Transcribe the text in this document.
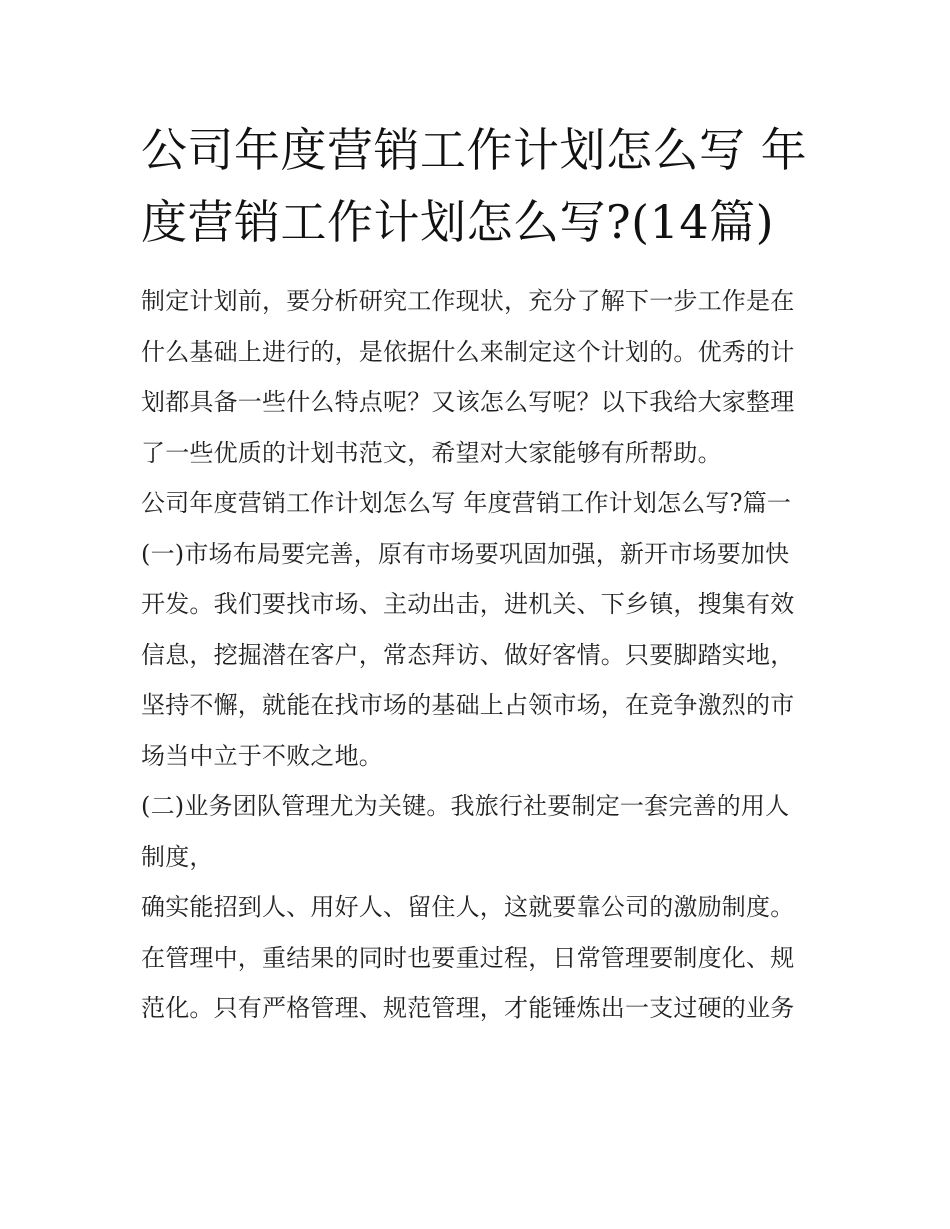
公司年度营销工作计划怎么写 年度营销工作计划怎么写?(14篇)

制定计划前，要分析研究工作现状，充分了解下一步工作是在什么基础上进行的，是依据什么来制定这个计划的。优秀的计划都具备一些什么特点呢？又该怎么写呢？以下我给大家整理了一些优质的计划书范文，希望对大家能够有所帮助。

公司年度营销工作计划怎么写 年度营销工作计划怎么写?篇一

(一)市场布局要完善，原有市场要巩固加强，新开市场要加快开发。我们要找市场、主动出击，进机关、下乡镇，搜集有效信息，挖掘潜在客户，常态拜访、做好客情。只要脚踏实地，坚持不懈，就能在找市场的基础上占领市场，在竞争激烈的市场当中立于不败之地。

(二)业务团队管理尤为关键。我旅行社要制定一套完善的用人制度，

确实能招到人、用好人、留住人，这就要靠公司的激励制度。在管理中，重结果的同时也要重过程，日常管理要制度化、规范化。只有严格管理、规范管理，才能锤炼出一支过硬的业务
